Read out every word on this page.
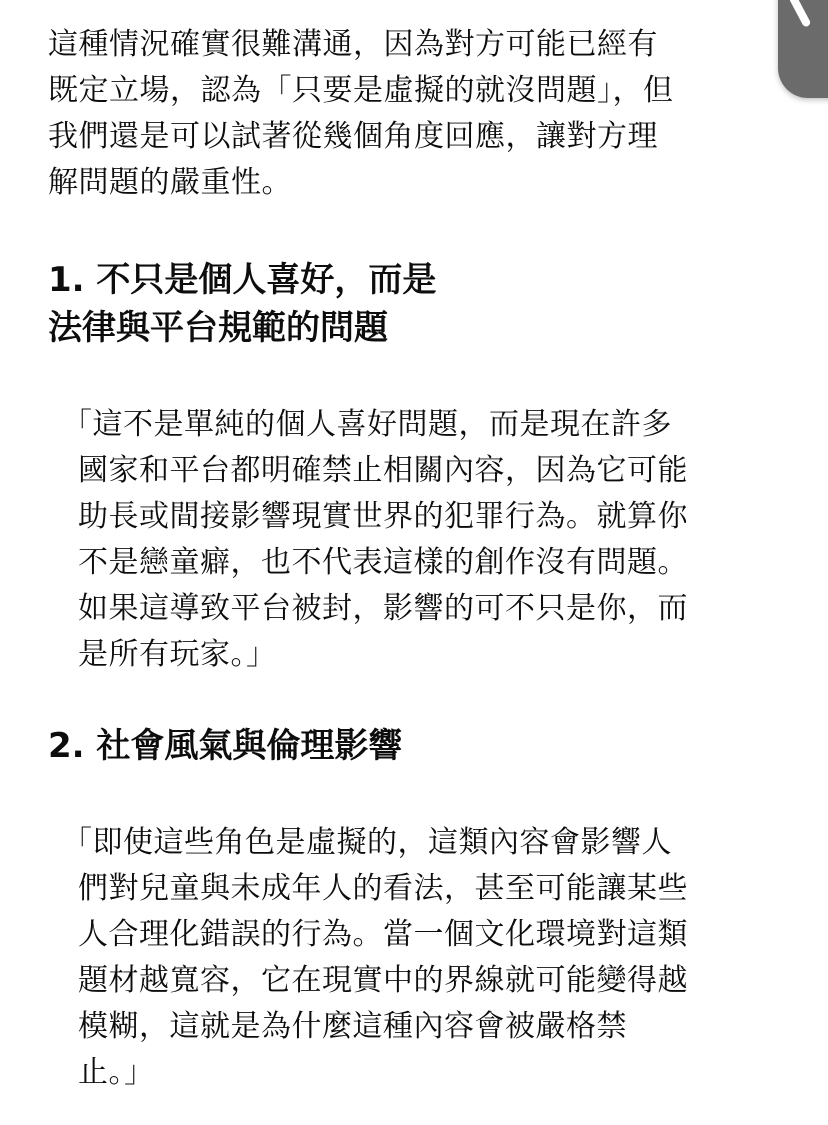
這種情況確實很難溝通，因為對方可能已經有
既定立場，認為「只要是虛擬的就沒問題」，但
我們還是可以試著從幾個角度回應，讓對方理
解問題的嚴重性。

1. 不只是個人喜好，而是
法律與平台規範的問題

「這不是單純的個人喜好問題，而是現在許多
國家和平台都明確禁止相關內容，因為它可能
助長或間接影響現實世界的犯罪行為。就算你
不是戀童癖，也不代表這樣的創作沒有問題。
如果這導致平台被封，影響的可不只是你，而
是所有玩家。」

2. 社會風氣與倫理影響

「即使這些角色是虛擬的，這類內容會影響人
們對兒童與未成年人的看法，甚至可能讓某些
人合理化錯誤的行為。當一個文化環境對這類
題材越寬容，它在現實中的界線就可能變得越
模糊，這就是為什麼這種內容會被嚴格禁
止。」
